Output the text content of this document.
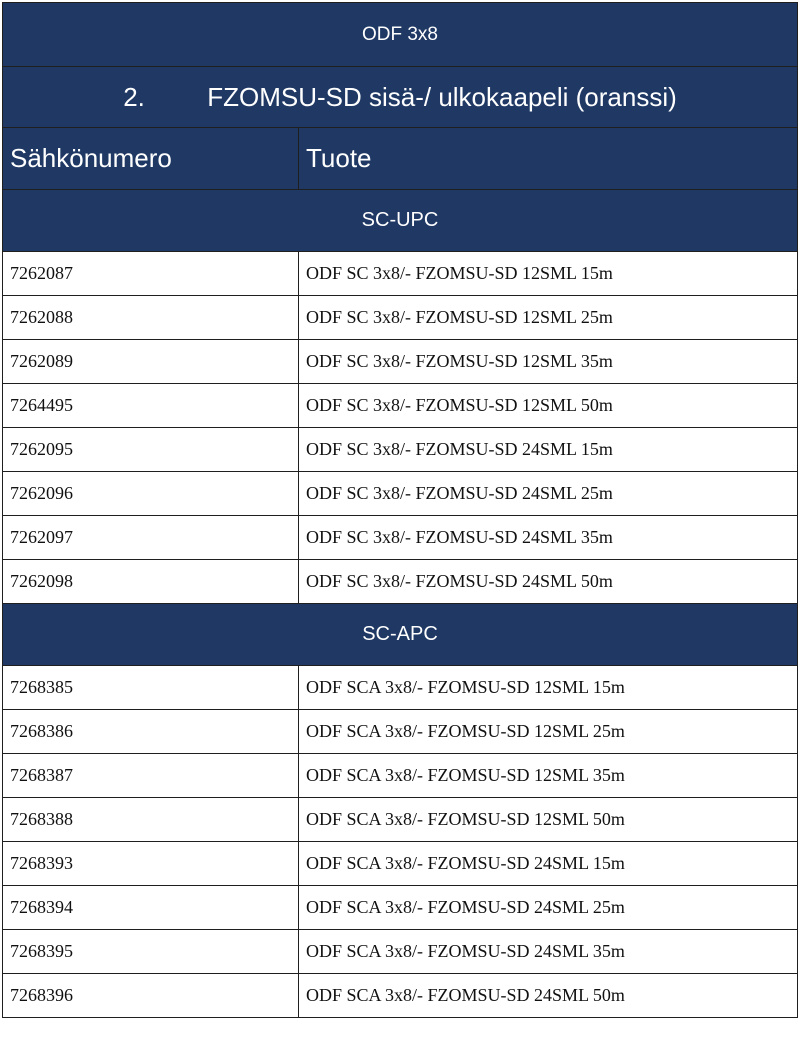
ODF 3x8	

2. FZOMSU-SD sisä-/ ulkokaapeli (oranssi)	

Sähkönumero	Tuote
SC-UPC	
7262087	ODF SC 3x8/- FZOMSU-SD 12SML 15m
7262088	ODF SC 3x8/- FZOMSU-SD 12SML 25m
7262089	ODF SC 3x8/- FZOMSU-SD 12SML 35m
7264495	ODF SC 3x8/- FZOMSU-SD 12SML 50m
7262095	ODF SC 3x8/- FZOMSU-SD 24SML 15m
7262096	ODF SC 3x8/- FZOMSU-SD 24SML 25m
7262097	ODF SC 3x8/- FZOMSU-SD 24SML 35m
7262098	ODF SC 3x8/- FZOMSU-SD 24SML 50m
SC-APC	
7268385	ODF SCA 3x8/- FZOMSU-SD 12SML 15m
7268386	ODF SCA 3x8/- FZOMSU-SD 12SML 25m
7268387	ODF SCA 3x8/- FZOMSU-SD 12SML 35m
7268388	ODF SCA 3x8/- FZOMSU-SD 12SML 50m
7268393	ODF SCA 3x8/- FZOMSU-SD 24SML 15m
7268394	ODF SCA 3x8/- FZOMSU-SD 24SML 25m
7268395	ODF SCA 3x8/- FZOMSU-SD 24SML 35m
7268396	ODF SCA 3x8/- FZOMSU-SD 24SML 50m
